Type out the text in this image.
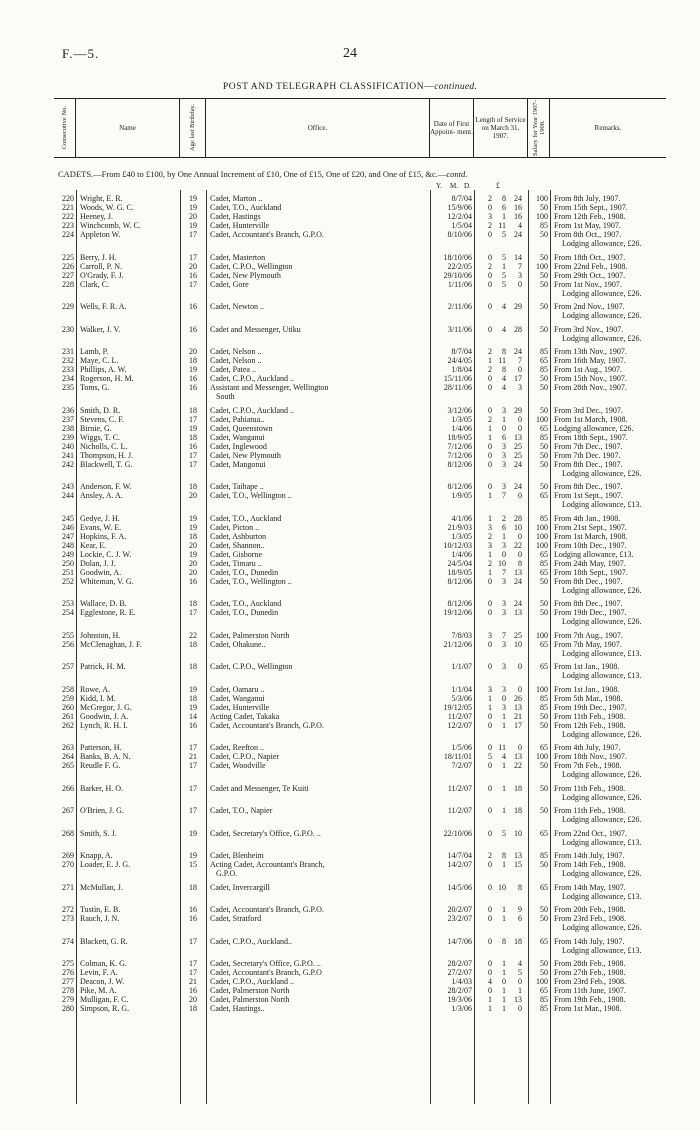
F.—5.	24
POST AND TELEGRAPH CLASSIFICATION—continued.
Consecutive No.	Name	Age last Birthday.	Office.	Date of First Appoint- ment.
Length of Service on March 31, 1907.	Salary for Year 1907-1908.	Remarks.
CADETS.—From £40 to £100, by One Annual Increment of £10, One of £15, One of £20, and One of £15, &c.—contd.
Y. M. D.	£
220 Wright, E. R.	19	Cadet, Marton ..	8/7/04	2	8	24	100 From 8th July, 1907.
221 Woods, W. G. C.	19	Cadet, T.O., Auckland	15/9/06	0	6	16	50 From 15th Sept., 1907.
222 Heeney, J.	20	Cadet, Hastings	12/2/04	3	1	16	100 From 12th Feb., 1908.
223 Winchcomb, W. C.	19	Cadet, Hunterville	1/5/04	2 11	4	85 From 1st May, 1907.
224 Appleton W.	17	Cadet, Accountant's Branch, G.P.O.	8/10/06	0	5	24	50 From 8th Oct., 1907.
Lodging allowance, £26.
225 Berry, J. H.	17	Cadet, Masterton	18/10/06	0	5	14	50 From 18th Oct., 1907.
226 Carroll, P. N.	20	Cadet, C.P.O., Wellington	22/2/05	2	1	7	100 From 22nd Feb., 1908.
227 O'Grady, F. J.	16	Cadet, New Plymouth	29/10/06	0	5	3	50 From 29th Oct., 1907.
228 Clark, C.	17	Cadet, Gore	1/11/06	0	5	0	50 From 1st Nov., 1907.
Lodging allowance, £26.
229 Wells, F. R. A.	16	Cadet, Newton ..	2/11/06	0	4	29	50 From 2nd Nov., 1907.
Lodging allowance, £26.
230 Walker, J. V.	16	Cadet and Messenger, Utiku	3/11/06	0	4	28	50 From 3rd Nov., 1907.
Lodging allowance, £26.
231 Lamb, P.	20	Cadet, Nelson ..	8/7/04	2	8	24	85 From 13th Nov., 1907.
232 Maye, C. L.	18	Cadet, Nelson ..	24/4/05	1 11	7	65 From 16th May, 1907.
233 Phillips, A. W.	19	Cadet, Patea ..	1/8/04	2	8	0	85 From 1st Aug., 1907.
234 Rogerson, H. M.	16	Cadet, C.P.O., Auckland ..	15/11/06	0	4	17	50 From 15th Nov., 1907.
235 Toms, G.	16	Assistant and Messenger, Wellington	28/11/06	0	4	3	50 From 28th Nov., 1907.
South
236 Smith, D. R.	18	Cadet, C.P.O., Auckland ..	3/12/06	0	3	29	50 From 3rd Dec., 1907.
237 Stevens, C. F.	17	Cadet, Pahiatua..	1/3/05	2	1	0	100 From 1st March, 1908.
238 Birnie, G.	19	Cadet, Queenstown	1/4/06	1	0	0	65 Lodging allowance, £26.
239 Wiggs, T. C.	18	Cadet, Wanganui	18/9/05	1	6	13	85 From 18th Sept., 1907.
240 Nicholls, C. L.	16	Cadet, Inglewood	7/12/06	0	3	25	50 From 7th Dec., 1907.
241 Thompson, H. J.	17	Cadet, New Plymouth	7/12/06	0	3	25	50 From 7th Dec. 1907.
242 Blackwell, T. G.	17	Cadet, Mangonui	8/12/06	0	3	24	50 From 8th Dec., 1907.
Lodging allowance, £26.
243 Anderson, F. W.	18	Cadet, Taihape ..	8/12/06	0	3	24	50 From 8th Dec., 1907.
244 Ansley, A. A.	20	Cadet, T.O., Wellington ..	1/9/05	1	7	0	65 From 1st Sept., 1907.
Lodging allowance, £13.
245 Gedye, J. H.	19	Cadet, T.O., Auckland	4/1/06	1	2	28	85 From 4th Jan., 1908.
246 Evans, W. E.	19	Cadet, Picton ..	21/9/03	3	6	10	100 From 21st Sept., 1907.
247 Hopkins, F. A.	18	Cadet, Ashburton	1/3/05	2	1	0	100 From 1st March, 1908.
248 Kear, E.	20	Cadet, Shannon..	10/12/03	3	3	22	100 From 10th Dec., 1907.
249 Lockie, C. J. W.	19	Cadet, Gisborne	1/4/06	1	0	0	65 Lodging allowance, £13.
250 Dolan, J. J.	20	Cadet, Timaru ..	24/5/04	2 10	8	85 From 24th May, 1907.
251 Goodwin, A.	20	Cadet, T.O., Dunedin	18/9/05	1	7	13	65 From 18th Sept., 1907.
252 Whiteman, V. G.	16	Cadet, T.O., Wellington ..	8/12/06	0	3	24	50 From 8th Dec., 1907.
Lodging allowance, £26.
253 Wallace, D. B.	18	Cadet, T.O., Auckland	8/12/06	0	3	24	50 From 8th Dec., 1907.
254 Egglestone, R. E.	17	Cadet, T.O., Dunedin	19/12/06	0	3	13	50 From 19th Dec., 1907.
Lodging allowance, £26.
255 Johnston, H.	22	Cadet, Palmerston North	7/8/03	3	7	25	100 From 7th Aug., 1907.
256 McClenaghan, J. F.	18	Cadet, Ohakune..	21/12/06	0	3	10	65 From 7th May, 1907.
Lodging allowance, £13.
257 Patrick, H. M.	18	Cadet, C.P.O., Wellington	1/1/07	0	3	0	65 From 1st Jan., 1908.
Lodging allowance, £13.
258 Rowe, A.	19	Cadet, Oamaru ..	1/1/04	3	3	0	100 From 1st Jan., 1908.
259 Kidd, I. M.	18	Cadet, Wanganui	5/3/06	1	0	26	85 From 5th Mar., 1908.
260 McGregor, J. G.	19	Cadet, Hunterville	19/12/05	1	3	13	85 From 19th Dec., 1907.
261 Goodwin, J. A.	14	Acting Cadet, Takaka	11/2/07	0	1	21	50 From 11th Feb., 1908.
262 Lynch, R. H. I.	16	Cadet, Accountant's Branch, G.P.O.	12/2/07	0	1	17	50 From 12th Feb., 1908.
Lodging allowance, £26.
263 Patterson, H.	17	Cadet, Reefton ..	1/5/06	0 11	0	65 From 4th July, 1907.
264 Banks, B. A. N.	21	Cadet, C.P.O., Napier	18/11/01	5	4	13	100 From 18th Nov., 1907.
265 Reudle F. G.	17	Cadet, Woodville	7/2/07	0	1	22	50 From 7th Feb., 1908.
Lodging allowance, £26.
266 Barker, H. O.	17	Cadet and Messenger, Te Kuiti	11/2/07	0	1	18	50 From 11th Feb., 1908.
Lodging allowance, £26.
267 O'Brien, J. G.	17	Cadet, T.O., Napier	11/2/07	0	1	18	50 From 11th Feb., 1908.
Lodging allowance, £26.
268 Smith, S. J.	19	Cadet, Secretary's Office, G.P.O. ..	22/10/06	0	5	10	65 From 22nd Oct., 1907.
Lodging allowance, £13.
269 Knapp, A.	19	Cadet, Blenheim	14/7/04	2	8	13	85 From 14th July, 1907.
270 Loader, E. J. G.	15	Acting Cadet, Accountant's Branch,	14/2/07	0	1	15	50 From 14th Feb., 1908.
G.P.O.	Lodging allowance, £26.
271 McMullan, J.	18	Cadet, Invercargill	14/5/06	0 10	8	65 From 14th May, 1907.
Lodging allowance, £13.
272 Tustin, E. B.	16	Cadet, Accountant's Branch, G.P.O.	20/2/07	0	1	9	50 From 20th Feb., 1908.
273 Rauch, J. N.	16	Cadet, Stratford	23/2/07	0	1	6	50 From 23rd Feb., 1908.
Lodging allowance, £26.
274 Blackett, G. R.	17	Cadet, C.P.O., Auckland..	14/7/06	0	8	18	65 From 14th July, 1907.
Lodging allowance, £13.
275 Colman, K. G.	17	Cadet, Secretary's Office, G.P.O. ..	28/2/07	0	1	4	50 From 28th Feb., 1908.
276 Levin, F. A.	17	Cadet, Accountant's Branch, G.P.O	27/2/07	0	1	5	50 From 27th Feb., 1908.
277 Deacon, J. W.	21	Cadet, C.P.O., Auckland ..	1/4/03	4	0	0	100 From 23rd Feb., 1908.
278 Pike, M. A.	16	Cadet, Palmerston North	28/2/07	0	1	1	65 From 11th June, 1907.
279 Mulligan, F. C.	20	Cadet, Palmerston North	19/3/06	1	1	13	85 From 19th Feb., 1908.
280 Simpson, R. G.	18	Cadet, Hastings..	1/3/06	1	1	0	85 From 1st Mar., 1908.
